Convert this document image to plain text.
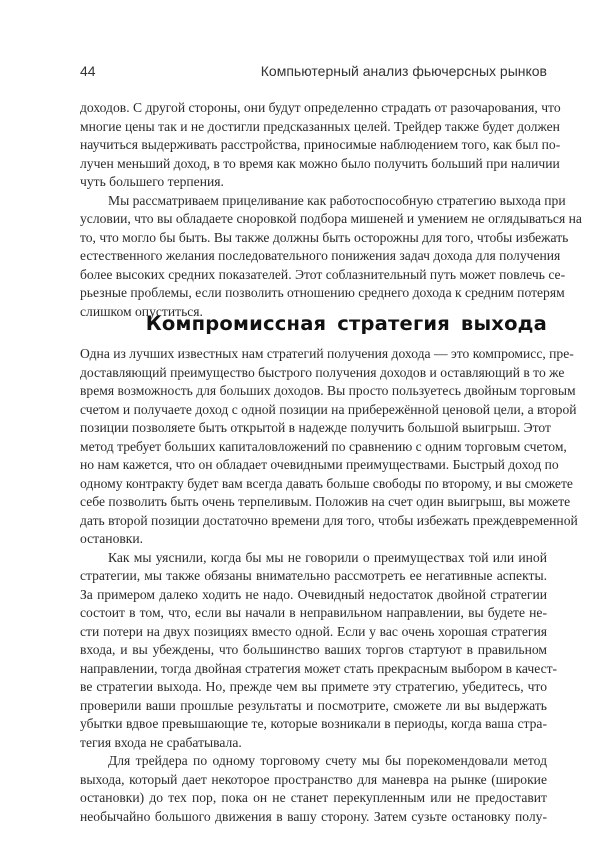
44	Компьютерный анализ фьючерсных рынков
доходов. С другой стороны, они будут определенно страдать от разочарования, что
многие цены так и не достигли предсказанных целей. Трейдер также будет должен
научиться выдерживать расстройства, приносимые наблюдением того, как был по-
лучен меньший доход, в то время как можно было получить больший при наличии
чуть большего терпения.
Мы рассматриваем прицеливание как работоспособную стратегию выхода при
условии, что вы обладаете сноровкой подбора мишеней и умением не оглядываться на
то, что могло бы быть. Вы также должны быть осторожны для того, чтобы избежать
естественного желания последовательного понижения задач дохода для получения
более высоких средних показателей. Этот соблазнительный путь может повлечь се-
рьезные проблемы, если позволить отношению среднего дохода к средним потерям
слишком опуститься.
Компромиссная стратегия выхода
Одна из лучших известных нам стратегий получения дохода — это компромисс, пре-
доставляющий преимущество быстрого получения доходов и оставляющий в то же
время возможность для больших доходов. Вы просто пользуетесь двойным торговым
счетом и получаете доход с одной позиции на прибережённой ценовой цели, а второй
позиции позволяете быть открытой в надежде получить большой выигрыш. Этот
метод требует больших капиталовложений по сравнению с одним торговым счетом,
но нам кажется, что он обладает очевидными преимуществами. Быстрый доход по
одному контракту будет вам всегда давать больше свободы по второму, и вы сможете
себе позволить быть очень терпеливым. Положив на счет один выигрыш, вы можете
дать второй позиции достаточно времени для того, чтобы избежать преждевременной
остановки.
Как мы уяснили, когда бы мы не говорили о преимуществах той или иной
стратегии, мы также обязаны внимательно рассмотреть ее негативные аспекты.
За примером далеко ходить не надо. Очевидный недостаток двойной стратегии
состоит в том, что, если вы начали в неправильном направлении, вы будете не-
сти потери на двух позициях вместо одной. Если у вас очень хорошая стратегия
входа, и вы убеждены, что большинство ваших торгов стартуют в правильном
направлении, тогда двойная стратегия может стать прекрасным выбором в качест-
ве стратегии выхода. Но, прежде чем вы примете эту стратегию, убедитесь, что
проверили ваши прошлые результаты и посмотрите, сможете ли вы выдержать
убытки вдвое превышающие те, которые возникали в периоды, когда ваша стра-
тегия входа не срабатывала.
Для трейдера по одному торговому счету мы бы порекомендовали метод
выхода, который дает некоторое пространство для маневра на рынке (широкие
остановки) до тех пор, пока он не станет перекупленным или не предоставит
необычайно большого движения в вашу сторону. Затем сузьте остановку полу-
